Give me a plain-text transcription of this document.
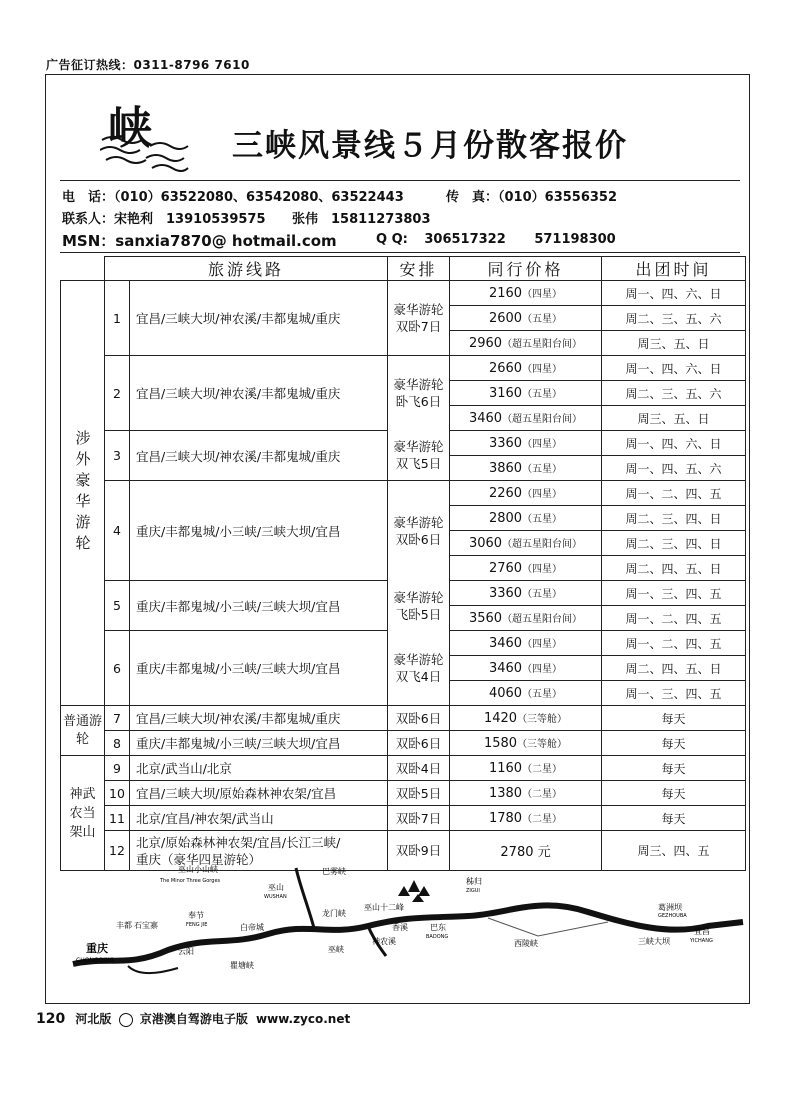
广告征订热线：0311-8796 7610
峡	三峡风景线５月份散客报价
电　话：（010）63522080、63542080、63522443	传　真：（010）63556352
联系人：宋艳利　13910539575 张伟　15811273803
MSN：sanxia7870@ hotmail.com	Q Q: 306517322 571198300
	旅游线路		安排	同行价格	出团时间
涉外豪华游轮	1	宜昌/三峡大坝/神农溪/丰都鬼城/重庆	豪华游轮双卧7日	2160（四星）	周一、四、六、日
				2600（五星）	周二、三、五、六
				2960（超五星阳台间）	周三、五、日
	2	宜昌/三峡大坝/神农溪/丰都鬼城/重庆	豪华游轮卧飞6日	2660（四星）	周一、四、六、日
				3160（五星）	周二、三、五、六
				3460（超五星阳台间）	周三、五、日
	3	宜昌/三峡大坝/神农溪/丰都鬼城/重庆	豪华游轮双飞5日	3360（四星）	周一、四、六、日
				3860（五星）	周一、四、五、六
	4	重庆/丰都鬼城/小三峡/三峡大坝/宜昌	豪华游轮双卧6日	2260（四星）	周一、二、四、五
				2800（五星）	周二、三、四、日
				3060（超五星阳台间）	周二、三、四、日
				2760（四星）	周二、四、五、日
	5	重庆/丰都鬼城/小三峡/三峡大坝/宜昌	豪华游轮飞卧5日	3360（五星）	周一、三、四、五
				3560（超五星阳台间）	周一、二、四、五
	6	重庆/丰都鬼城/小三峡/三峡大坝/宜昌	豪华游轮双飞4日	3460（四星）	周一、二、四、五
				3460（四星）	周二、四、五、日
				4060（五星）	周一、三、四、五
普通游轮	7	宜昌/三峡大坝/神农溪/丰都鬼城/重庆	双卧6日	1420（三等舱）	每天
	8	重庆/丰都鬼城/小三峡/三峡大坝/宜昌	双卧6日	1580（三等舱）	每天
神武农当架山	9	北京/武当山/北京	双卧4日	1160（二星）	每天
	10	宜昌/三峡大坝/原始森林神农架/宜昌	双卧5日	1380（二星）	每天
	11	北京/宜昌/神农架/武当山	双卧7日	1780（二星）	每天
	12	北京/原始森林神农架/宜昌/长江三峡/
重庆（豪华四星游轮）	双卧9日	2780 元	周三、四、五
重庆
CHONGQING
丰都 石宝寨
奉节
FENG JIE
云阳
白帝城
瞿塘峡
巫山
WUSHAN
巫山小山峡
The Minor Three Gorges
巴雾峡
龙门峡
巫峡
巫山十二峰
神农溪
香溪	巴东
BADONG
秭归
ZIGUI
西陵峡	三峡大坝
葛洲坝
GEZHOUBA
宜昌
YICHANG
120 河北版 京港澳自驾游电子版 www.zyco.net
